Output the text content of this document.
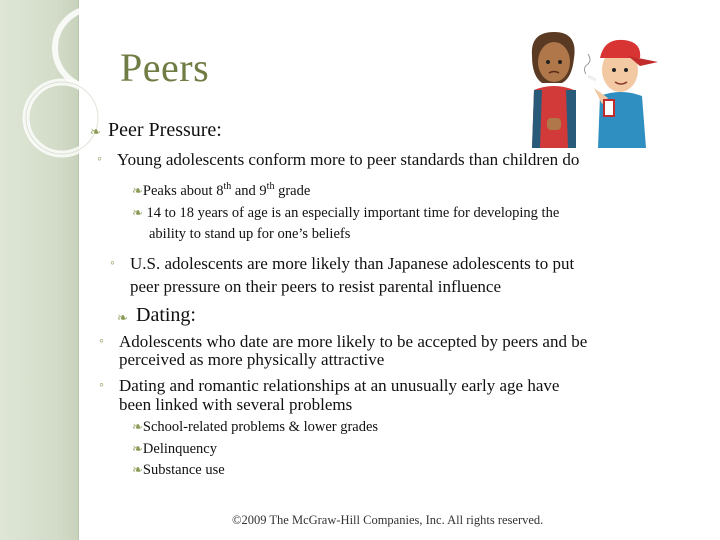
Peers
❧ Peer Pressure:
◦ Young adolescents conform more to peer standards than children do
❧Peaks about 8th and 9th grade
❧ 14 to 18 years of age is an especially important time for developing the
ability to stand up for one’s beliefs
◦ U.S. adolescents are more likely than Japanese adolescents to put
peer pressure on their peers to resist parental influence
❧ Dating:
◦ Adolescents who date are more likely to be accepted by peers and be
perceived as more physically attractive
◦ Dating and romantic relationships at an unusually early age have
been linked with several problems
❧School-related problems & lower grades
❧Delinquency
❧Substance use
©2009 The McGraw-Hill Companies, Inc. All rights reserved.
